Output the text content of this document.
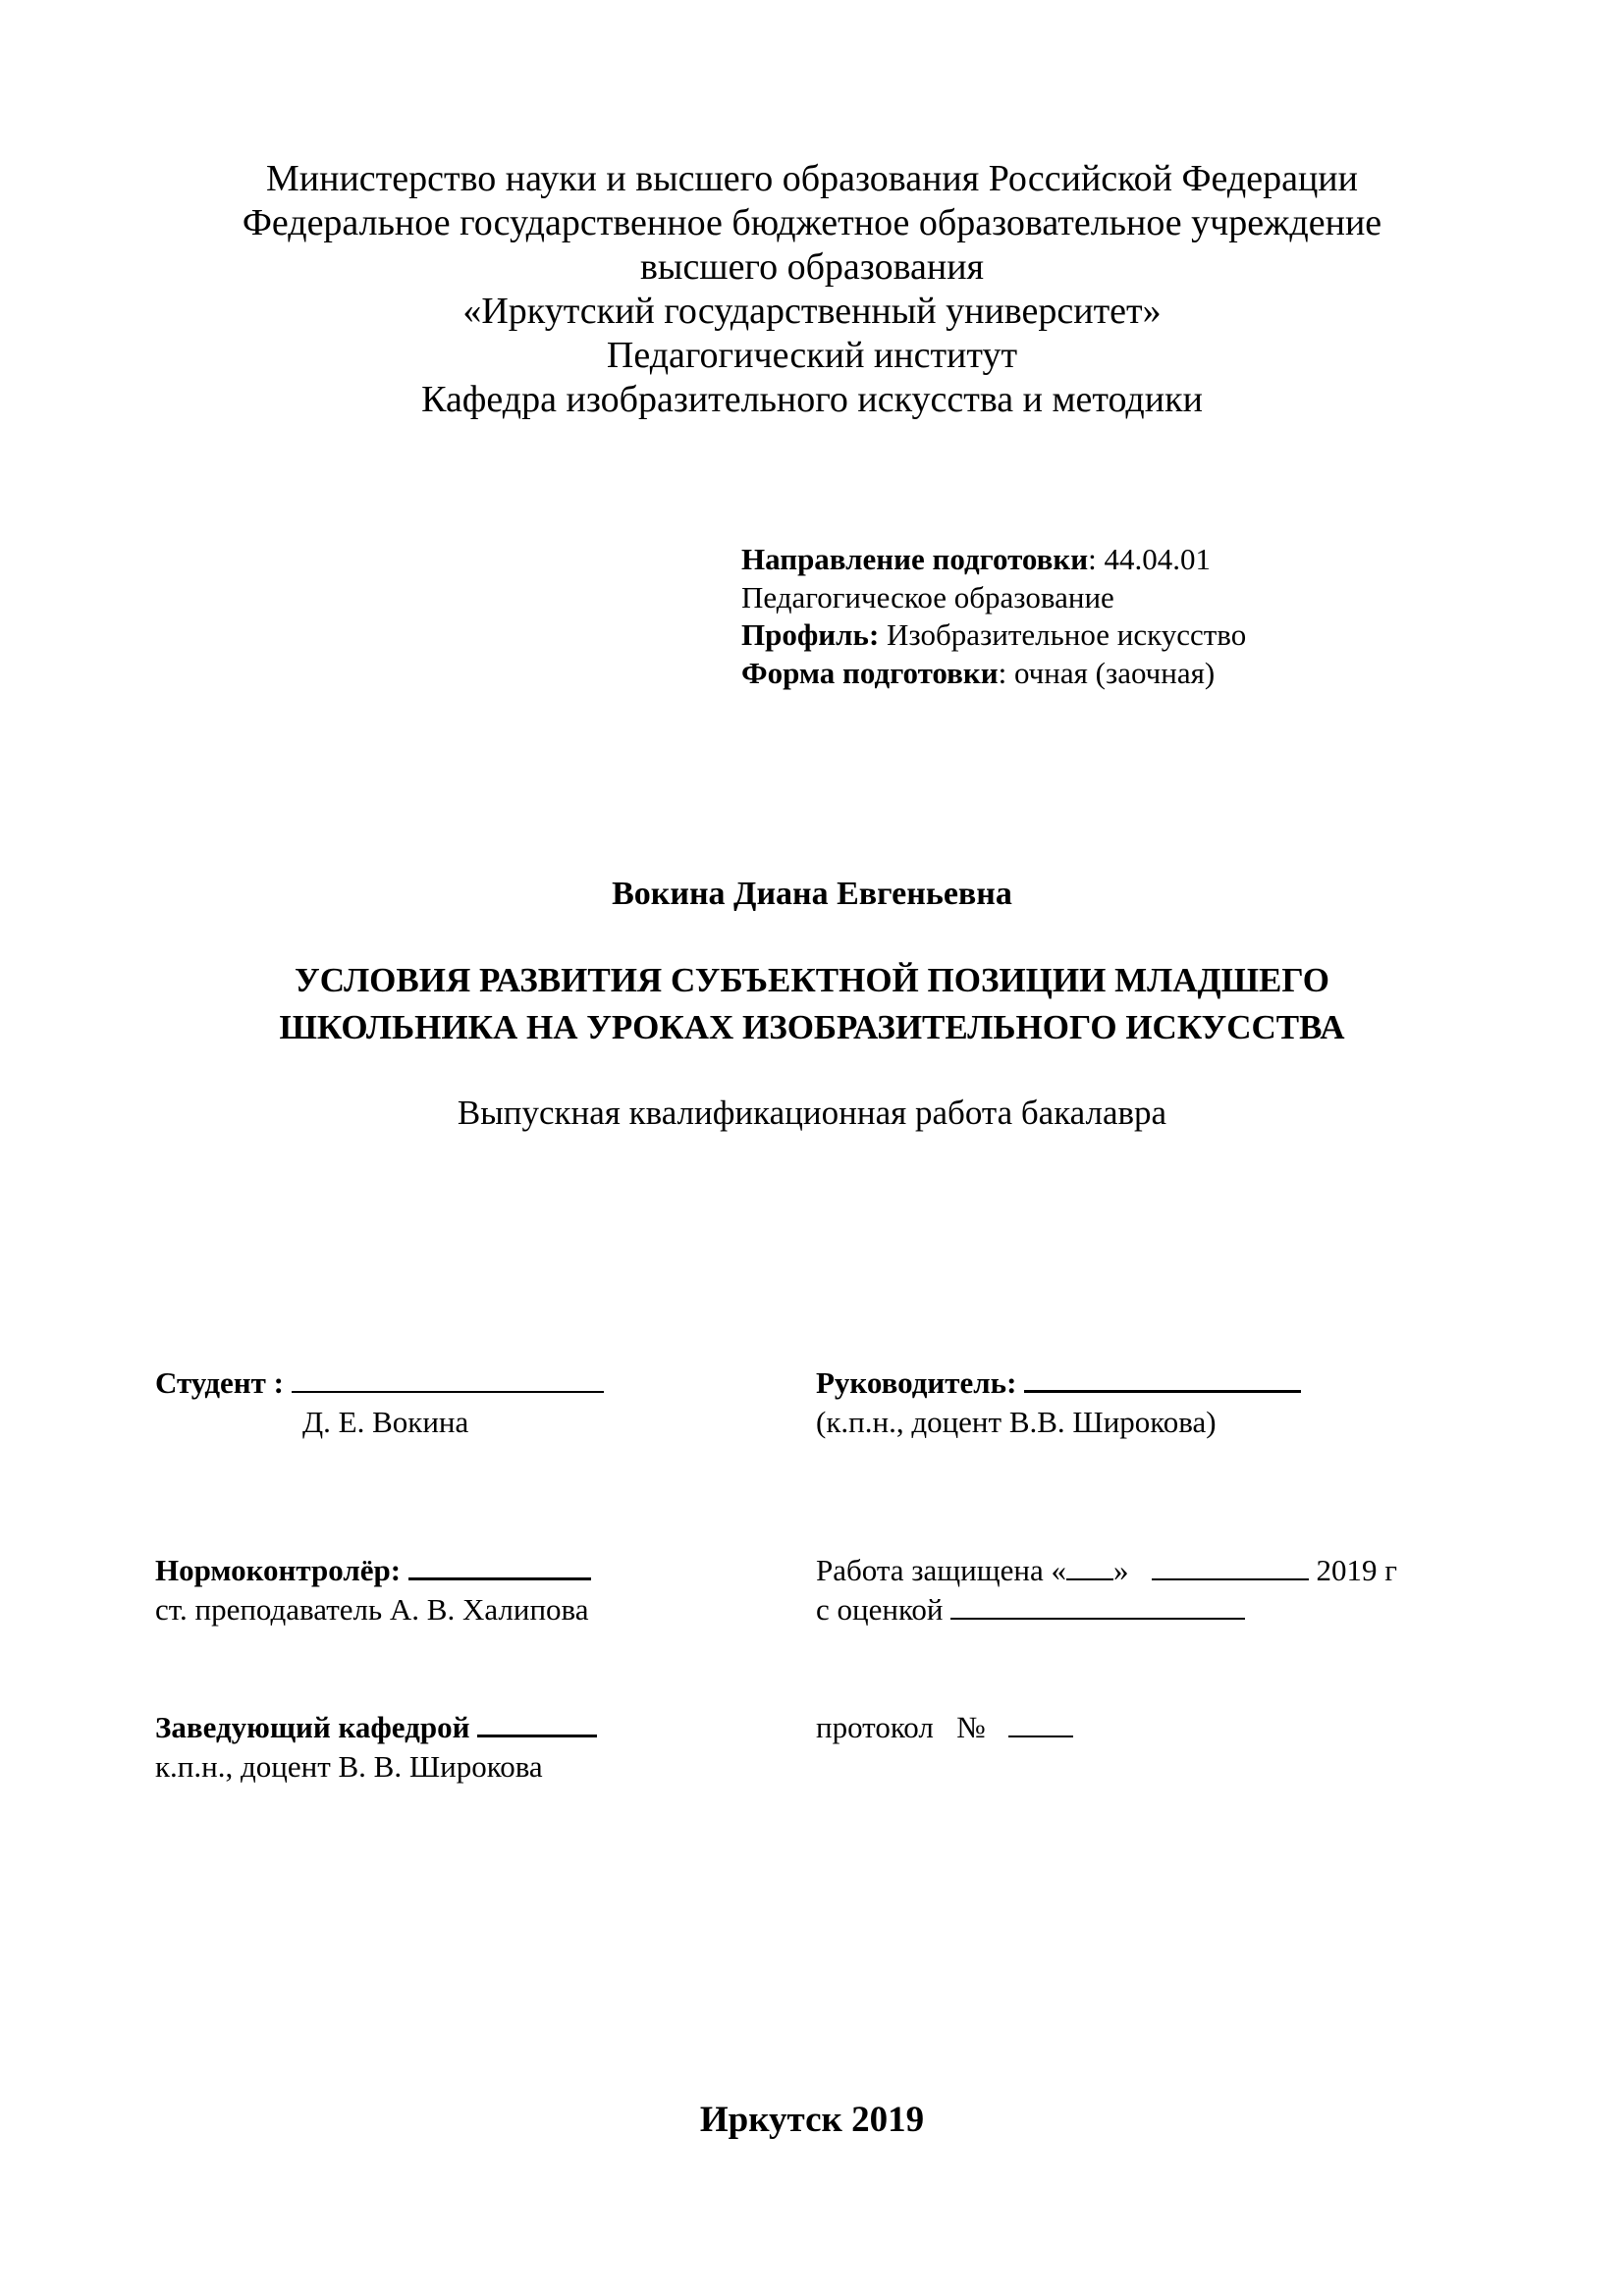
Министерство науки и высшего образования Российской Федерации
Федеральное государственное бюджетное образовательное учреждение
высшего образования
«Иркутский государственный университет»
Педагогический институт
Кафедра изобразительного искусства и методики
Направление подготовки: 44.04.01
Педагогическое образование
Профиль: Изобразительное искусство
Форма подготовки: очная (заочная)
Вокина Диана Евгеньевна
УСЛОВИЯ РАЗВИТИЯ СУБЪЕКТНОЙ ПОЗИЦИИ МЛАДШЕГО
ШКОЛЬНИКА НА УРОКАХ ИЗОБРАЗИТЕЛЬНОГО ИСКУССТВА
Выпускная квалификационная работа бакалавра
Студент :
Д. Е. Вокина
Руководитель:
(к.п.н., доцент В.В. Широкова)
Нормоконтролёр:
ст. преподаватель А. В. Халипова
Работа защищена « »	2019 г
с оценкой
Заведующий кафедрой
к.п.н., доцент В. В. Широкова
протокол №
Иркутск 2019
